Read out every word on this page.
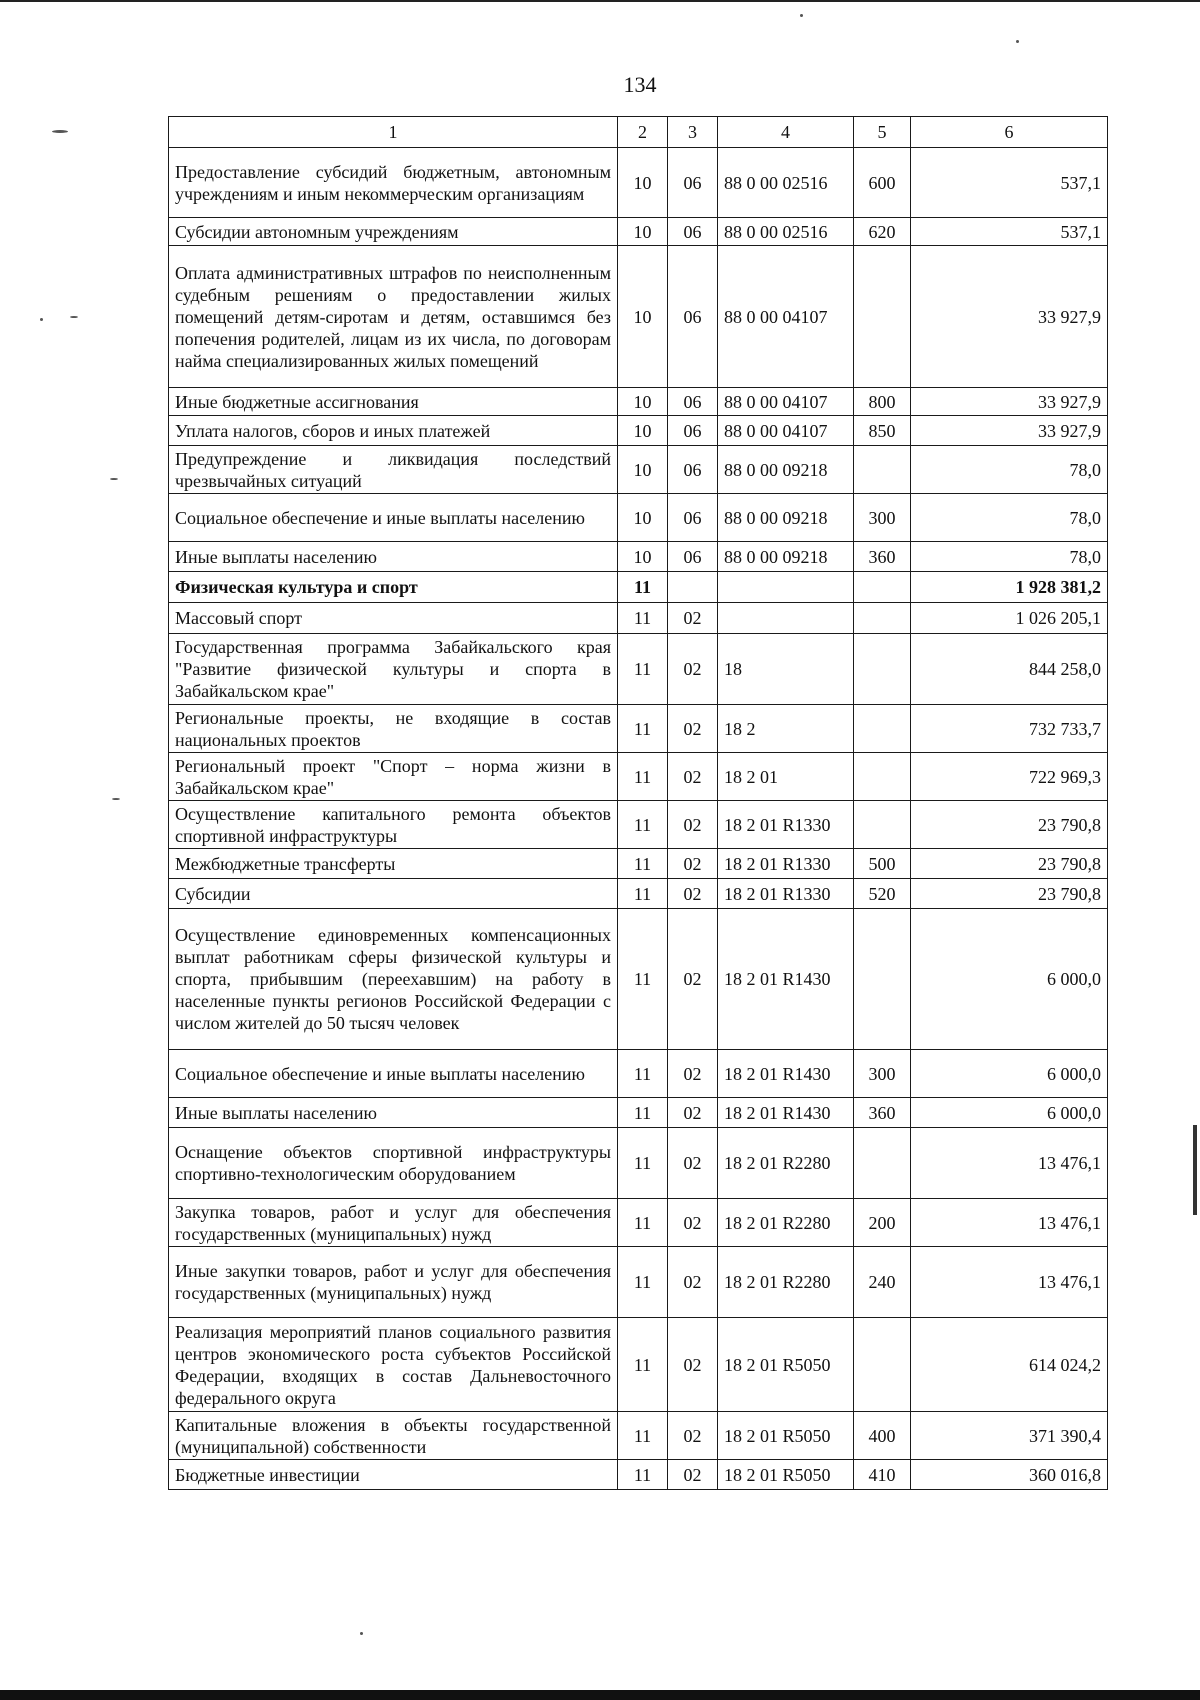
134
1	2	3	4	5	6
Предоставление субсидий бюджетным, автономным учреждениям и иным некоммерческим организациям	10	06	88 0 00 02516	600	537,1
Субсидии автономным учреждениям	10	06	88 0 00 02516	620	537,1
Оплата административных штрафов по неисполненным судебным решениям о предоставлении жилых помещений детям-сиротам и детям, оставшимся без попечения родителей, лицам из их числа, по договорам найма специализированных жилых помещений	10	06	88 0 00 04107		33 927,9
Иные бюджетные ассигнования	10	06	88 0 00 04107	800	33 927,9
Уплата налогов, сборов и иных платежей	10	06	88 0 00 04107	850	33 927,9
Предупреждение и ликвидация последствий чрезвычайных ситуаций	10	06	88 0 00 09218		78,0
Социальное обеспечение и иные выплаты населению	10	06	88 0 00 09218	300	78,0
Иные выплаты населению	10	06	88 0 00 09218	360	78,0
Физическая культура и спорт	11				1 928 381,2
Массовый спорт	11	02			1 026 205,1
Государственная программа Забайкальского края "Развитие физической культуры и спорта в Забайкальском крае"	11	02	18		844 258,0
Региональные проекты, не входящие в состав национальных проектов	11	02	18 2		732 733,7
Региональный проект "Спорт – норма жизни в Забайкальском крае"	11	02	18 2 01		722 969,3
Осуществление капитального ремонта объектов спортивной инфраструктуры	11	02	18 2 01 R1330		23 790,8
Межбюджетные трансферты	11	02	18 2 01 R1330	500	23 790,8
Субсидии	11	02	18 2 01 R1330	520	23 790,8
Осуществление единовременных компенсационных выплат работникам сферы физической культуры и спорта, прибывшим (переехавшим) на работу в населенные пункты регионов Российской Федерации с числом жителей до 50 тысяч человек	11	02	18 2 01 R1430		6 000,0
Социальное обеспечение и иные выплаты населению	11	02	18 2 01 R1430	300	6 000,0
Иные выплаты населению	11	02	18 2 01 R1430	360	6 000,0
Оснащение объектов спортивной инфраструктуры спортивно-технологическим оборудованием	11	02	18 2 01 R2280		13 476,1
Закупка товаров, работ и услуг для обеспечения государственных (муниципальных) нужд	11	02	18 2 01 R2280	200	13 476,1
Иные закупки товаров, работ и услуг для обеспечения государственных (муниципальных) нужд	11	02	18 2 01 R2280	240	13 476,1
Реализация мероприятий планов социального развития центров экономического роста субъектов Российской Федерации, входящих в состав Дальневосточного федерального округа	11	02	18 2 01 R5050		614 024,2
Капитальные вложения в объекты государственной (муниципальной) собственности	11	02	18 2 01 R5050	400	371 390,4
Бюджетные инвестиции	11	02	18 2 01 R5050	410	360 016,8
